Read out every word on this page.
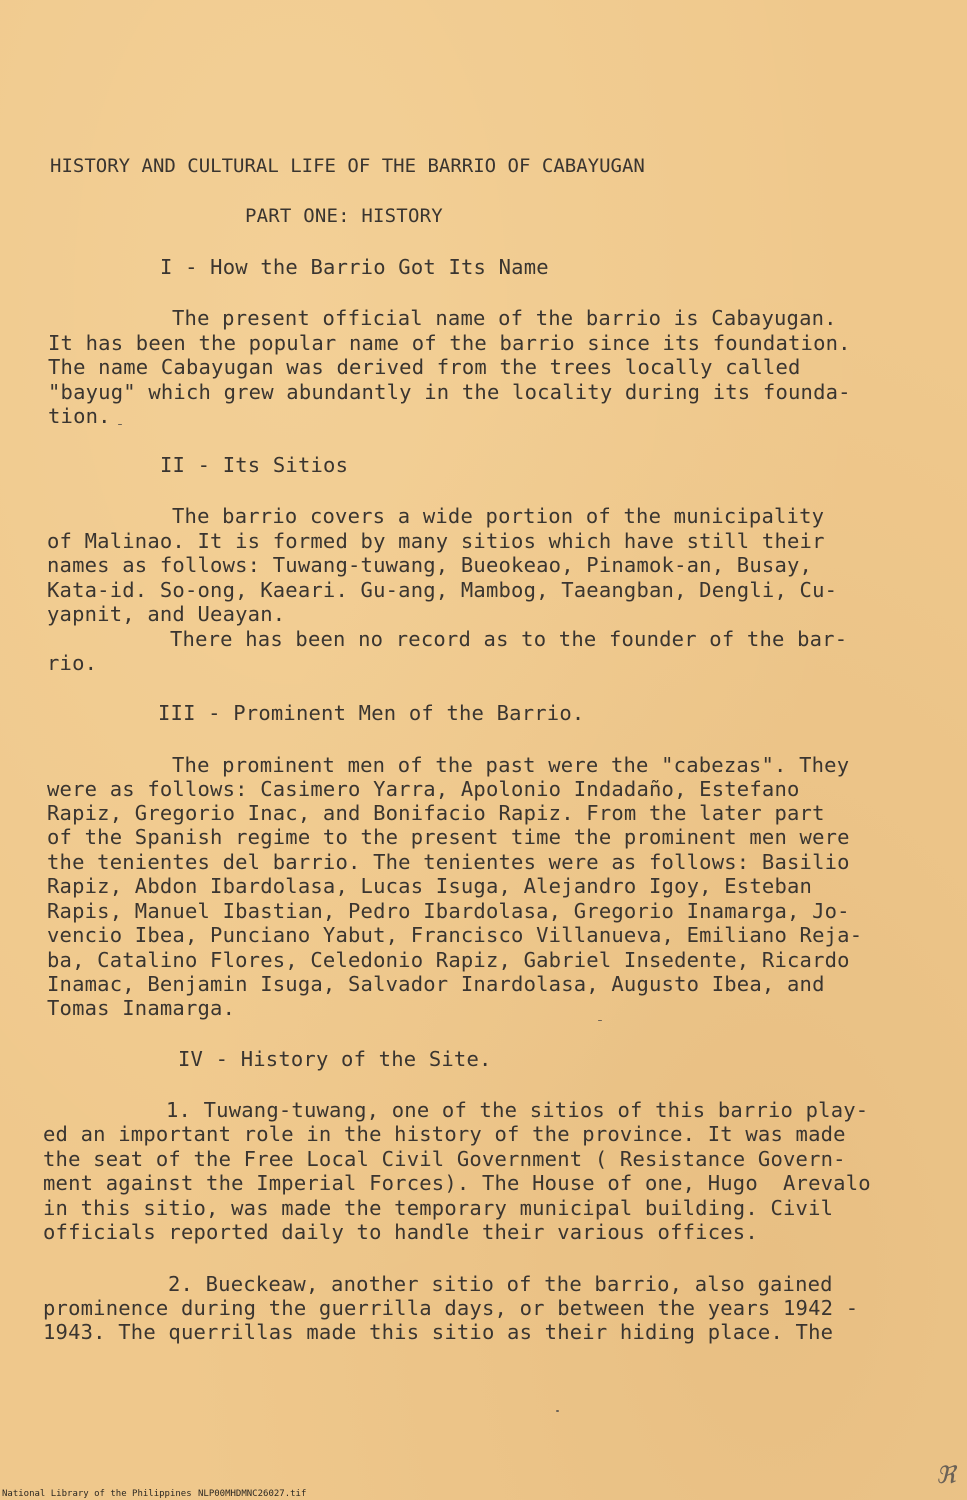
HISTORY AND CULTURAL LIFE OF THE BARRIO OF CABAYUGAN

PART ONE: HISTORY

I - How the Barrio Got Its Name

The present official name of the barrio is Cabayugan.

It has been the popular name of the barrio since its foundation.

The name Cabayugan was derived from the trees locally called

"bayug" which grew abundantly in the locality during its founda-

tion.

II - Its Sitios

The barrio covers a wide portion of the municipality

of Malinao. It is formed by many sitios which have still their

names as follows: Tuwang-tuwang, Bueokeao, Pinamok-an, Busay,

Kata-id. So-ong, Kaeari. Gu-ang, Mambog, Taeangban, Dengli, Cu-

yapnit, and Ueayan.

There has been no record as to the founder of the bar-

rio.

III - Prominent Men of the Barrio.

The prominent men of the past were the "cabezas". They

were as follows: Casimero Yarra, Apolonio Indadaño, Estefano

Rapiz, Gregorio Inac, and Bonifacio Rapiz. From the later part

of the Spanish regime to the present time the prominent men were

the tenientes del barrio. The tenientes were as follows: Basilio

Rapiz, Abdon Ibardolasa, Lucas Isuga, Alejandro Igoy, Esteban

Rapis, Manuel Ibastian, Pedro Ibardolasa, Gregorio Inamarga, Jo-

vencio Ibea, Punciano Yabut, Francisco Villanueva, Emiliano Reja-

ba, Catalino Flores, Celedonio Rapiz, Gabriel Insedente, Ricardo

Inamac, Benjamin Isuga, Salvador Inardolasa, Augusto Ibea, and

Tomas Inamarga.

IV - History of the Site.

1. Tuwang-tuwang, one of the sitios of this barrio play-

ed an important role in the history of the province. It was made

the seat of the Free Local Civil Government ( Resistance Govern-

ment against the Imperial Forces). The House of one, Hugo  Arevalo

in this sitio, was made the temporary municipal building. Civil

officials reported daily to handle their various offices.

2. Bueckeaw, another sitio of the barrio, also gained

prominence during the guerrilla days, or between the years 1942 -

1943. The querrillas made this sitio as their hiding place. The

National Library of the Philippines NLP00MHDMNC26027.tif
ℜ
